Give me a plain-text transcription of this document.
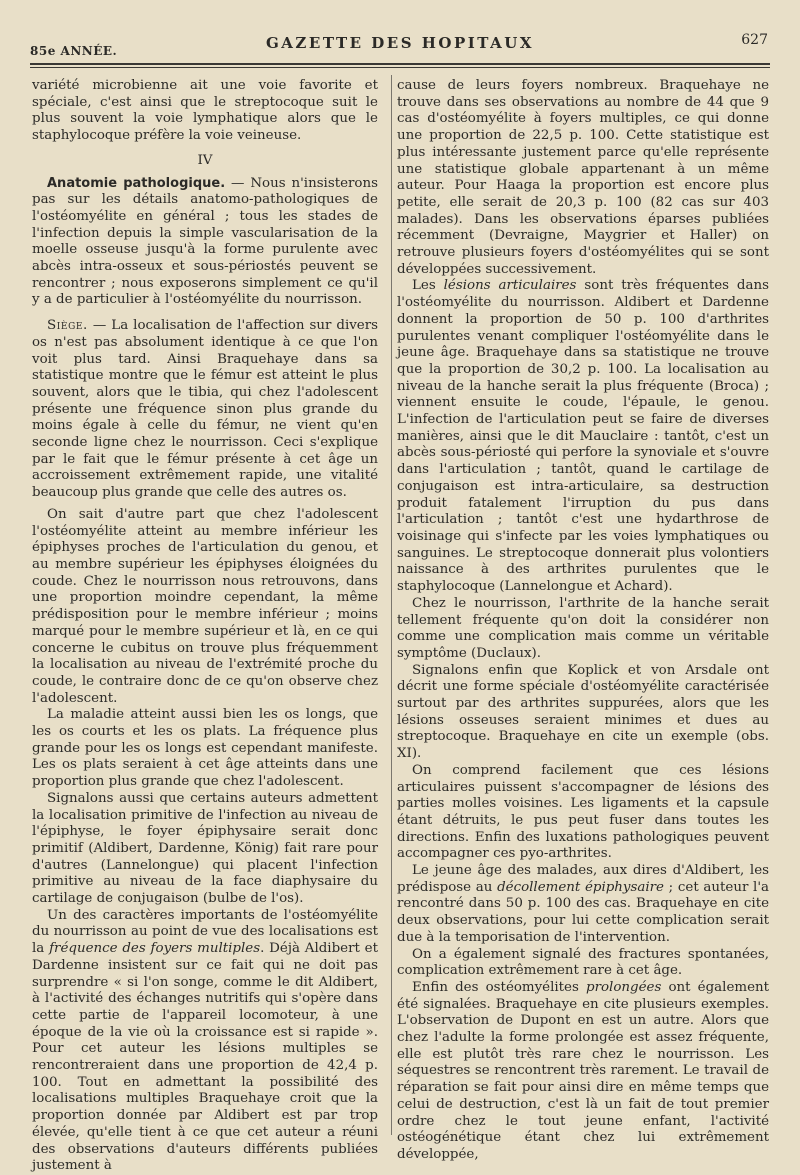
85e ANNÉE.	GAZETTE DES HOPITAUX	627

variété microbienne ait une voie favorite et spéciale, c'est ainsi que le streptocoque suit le plus souvent la voie lymphatique alors que le staphylocoque préfère la voie veineuse.

IV

Anatomie pathologique. — Nous n'insisterons pas sur les détails anatomo-pathologiques de l'ostéomyélite en général ; tous les stades de l'infection depuis la simple vascularisation de la moelle osseuse jusqu'à la forme purulente avec abcès intra-osseux et sous-périostés peuvent se rencontrer ; nous exposerons simplement ce qu'il y a de particulier à l'ostéomyélite du nourrisson.

Siège. — La localisation de l'affection sur divers os n'est pas absolument identique à ce que l'on voit plus tard. Ainsi Braquehaye dans sa statistique montre que le fémur est atteint le plus souvent, alors que le tibia, qui chez l'adolescent présente une fréquence sinon plus grande du moins égale à celle du fémur, ne vient qu'en seconde ligne chez le nourrisson. Ceci s'explique par le fait que le fémur présente à cet âge un accroissement extrêmement rapide, une vitalité beaucoup plus grande que celle des autres os.

On sait d'autre part que chez l'adolescent l'ostéomyélite atteint au membre inférieur les épiphyses proches de l'articulation du genou, et au membre supérieur les épiphyses éloignées du coude. Chez le nourrisson nous retrouvons, dans une proportion moindre cependant, la même prédisposition pour le membre inférieur ; moins marqué pour le membre supérieur et là, en ce qui concerne le cubitus on trouve plus fréquemment la localisation au niveau de l'extrémité proche du coude, le contraire donc de ce qu'on observe chez l'adolescent.

La maladie atteint aussi bien les os longs, que les os courts et les os plats. La fréquence plus grande pour les os longs est cependant manifeste. Les os plats seraient à cet âge atteints dans une proportion plus grande que chez l'adolescent.

Signalons aussi que certains auteurs admettent la localisation primitive de l'infection au niveau de l'épiphyse, le foyer épiphysaire serait donc primitif (Aldibert, Dardenne, König) fait rare pour d'autres (Lannelongue) qui placent l'infection primitive au niveau de la face diaphysaire du cartilage de conjugaison (bulbe de l'os).

Un des caractères importants de l'ostéomyélite du nourrisson au point de vue des localisations est la fréquence des foyers multiples. Déjà Aldibert et Dardenne insistent sur ce fait qui ne doit pas surprendre « si l'on songe, comme le dit Aldibert, à l'activité des échanges nutritifs qui s'opère dans cette partie de l'appareil locomoteur, à une époque de la vie où la croissance est si rapide ». Pour cet auteur les lésions multiples se rencontreraient dans une proportion de 42,4 p. 100. Tout en admettant la possibilité des localisations multiples Braquehaye croit que la proportion donnée par Aldibert est par trop élevée, qu'elle tient à ce que cet auteur a réuni des observations d'auteurs différents publiées justement à

cause de leurs foyers nombreux. Braquehaye ne trouve dans ses observations au nombre de 44 que 9 cas d'ostéomyélite à foyers multiples, ce qui donne une proportion de 22,5 p. 100. Cette statistique est plus intéressante justement parce qu'elle représente une statistique globale appartenant à un même auteur. Pour Haaga la proportion est encore plus petite, elle serait de 20,3 p. 100 (82 cas sur 403 malades). Dans les observations éparses publiées récemment (Devraigne, Maygrier et Haller) on retrouve plusieurs foyers d'ostéomyélites qui se sont développées successivement.

Les lésions articulaires sont très fréquentes dans l'ostéomyélite du nourrisson. Aldibert et Dardenne donnent la proportion de 50 p. 100 d'arthrites purulentes venant compliquer l'ostéomyélite dans le jeune âge. Braquehaye dans sa statistique ne trouve que la proportion de 30,2 p. 100. La localisation au niveau de la hanche serait la plus fréquente (Broca) ; viennent ensuite le coude, l'épaule, le genou. L'infection de l'articulation peut se faire de diverses manières, ainsi que le dit Mauclaire : tantôt, c'est un abcès sous-périosté qui perfore la synoviale et s'ouvre dans l'articulation ; tantôt, quand le cartilage de conjugaison est intra-articulaire, sa destruction produit fatalement l'irruption du pus dans l'articulation ; tantôt c'est une hydarthrose de voisinage qui s'infecte par les voies lymphatiques ou sanguines. Le streptocoque donnerait plus volontiers naissance à des arthrites purulentes que le staphylocoque (Lannelongue et Achard).

Chez le nourrisson, l'arthrite de la hanche serait tellement fréquente qu'on doit la considérer non comme une complication mais comme un véritable symptôme (Duclaux).

Signalons enfin que Koplick et von Arsdale ont décrit une forme spéciale d'ostéomyélite caractérisée surtout par des arthrites suppurées, alors que les lésions osseuses seraient minimes et dues au streptocoque. Braquehaye en cite un exemple (obs. XI).

On comprend facilement que ces lésions articulaires puissent s'accompagner de lésions des parties molles voisines. Les ligaments et la capsule étant détruits, le pus peut fuser dans toutes les directions. Enfin des luxations pathologiques peuvent accompagner ces pyo-arthrites.

Le jeune âge des malades, aux dires d'Aldibert, les prédispose au décollement épiphysaire ; cet auteur l'a rencontré dans 50 p. 100 des cas. Braquehaye en cite deux observations, pour lui cette complication serait due à la temporisation de l'intervention.

On a également signalé des fractures spontanées, complication extrêmement rare à cet âge.

Enfin des ostéomyélites prolongées ont également été signalées. Braquehaye en cite plusieurs exemples. L'observation de Dupont en est un autre. Alors que chez l'adulte la forme prolongée est assez fréquente, elle est plutôt très rare chez le nourrisson. Les séquestres se rencontrent très rarement. Le travail de réparation se fait pour ainsi dire en même temps que celui de destruction, c'est là un fait de tout premier ordre chez le tout jeune enfant, l'activité ostéogénétique étant chez lui extrêmement développée,
